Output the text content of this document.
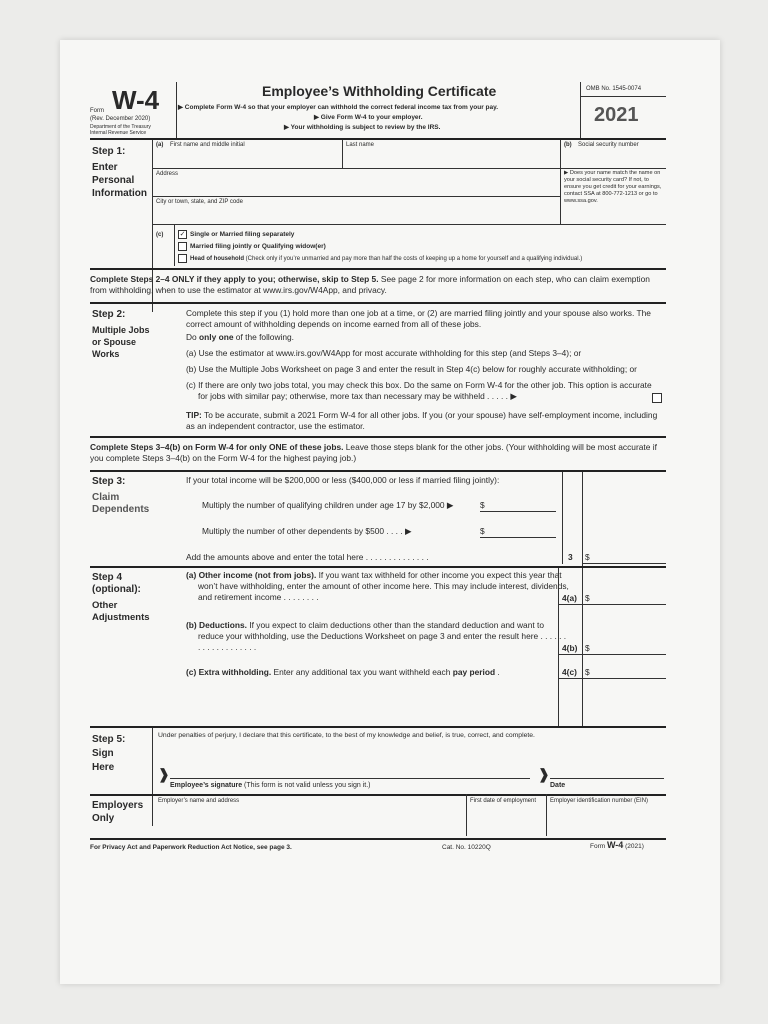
Form W-4
(Rev. December 2020)
Department of the Treasury
Internal Revenue Service
Employee’s Withholding Certificate
▶ Complete Form W-4 so that your employer can withhold the correct federal income tax from your pay.
▶ Give Form W-4 to your employer.
▶ Your withholding is subject to review by the IRS.
OMB No. 1545-0074
2021
Step 1:
Enter
Personal
Information
(a) First name and middle initial	Last name	(b) Social security number
Address	▶ Does your name match the name on your social security card? If not, to ensure you get credit for your earnings, contact SSA at 800-772-1213 or go to www.ssa.gov.
City or town, state, and ZIP code
(c) ✓ Single or Married filing separately
Married filing jointly or Qualifying widow(er)
Head of household (Check only if you’re unmarried and pay more than half the costs of keeping up a home for yourself and a qualifying individual.)
Complete Steps 2–4 ONLY if they apply to you; otherwise, skip to Step 5. See page 2 for more information on each step, who can claim exemption from withholding, when to use the estimator at www.irs.gov/W4App, and privacy.
Step 2:
Multiple Jobs
or Spouse
Works
Complete this step if you (1) hold more than one job at a time, or (2) are married filing jointly and your spouse also works. The correct amount of withholding depends on income earned from all of these jobs.
Do only one of the following.
(a) Use the estimator at www.irs.gov/W4App for most accurate withholding for this step (and Steps 3–4); or
(b) Use the Multiple Jobs Worksheet on page 3 and enter the result in Step 4(c) below for roughly accurate withholding; or
(c) If there are only two jobs total, you may check this box. Do the same on Form W-4 for the other job. This option is accurate for jobs with similar pay; otherwise, more tax than necessary may be withheld . . . . . ▶
TIP: To be accurate, submit a 2021 Form W-4 for all other jobs. If you (or your spouse) have self-employment income, including as an independent contractor, use the estimator.
Complete Steps 3–4(b) on Form W-4 for only ONE of these jobs. Leave those steps blank for the other jobs. (Your withholding will be most accurate if you complete Steps 3–4(b) on the Form W-4 for the highest paying job.)
Step 3:
Claim
Dependents
If your total income will be $200,000 or less ($400,000 or less if married filing jointly):
Multiply the number of qualifying children under age 17 by $2,000 ▶	$
Multiply the number of other dependents by $500 . . . . ▶	$
Add the amounts above and enter the total here . . . . . . . . . . . . . .	3 $
Step 4
(optional):
Other
Adjustments
(a) Other income (not from jobs). If you want tax withheld for other income you expect this year that won’t have withholding, enter the amount of other income here. This may include interest, dividends, and retirement income . . . . . . . .	4(a) $
(b) Deductions. If you expect to claim deductions other than the standard deduction and want to reduce your withholding, use the Deductions Worksheet on page 3 and enter the result here . . . . . . . . . . . . . . . . . . .	4(b) $
(c) Extra withholding. Enter any additional tax you want withheld each pay period .	4(c) $
Step 5:
Sign
Here
Under penalties of perjury, I declare that this certificate, to the best of my knowledge and belief, is true, correct, and complete.
❱
Employee’s signature (This form is not valid unless you sign it.)
❱
Date
Employers
Only
Employer’s name and address	First date of employment	Employer identification number (EIN)
For Privacy Act and Paperwork Reduction Act Notice, see page 3.	Cat. No. 10220Q	Form W-4 (2021)
